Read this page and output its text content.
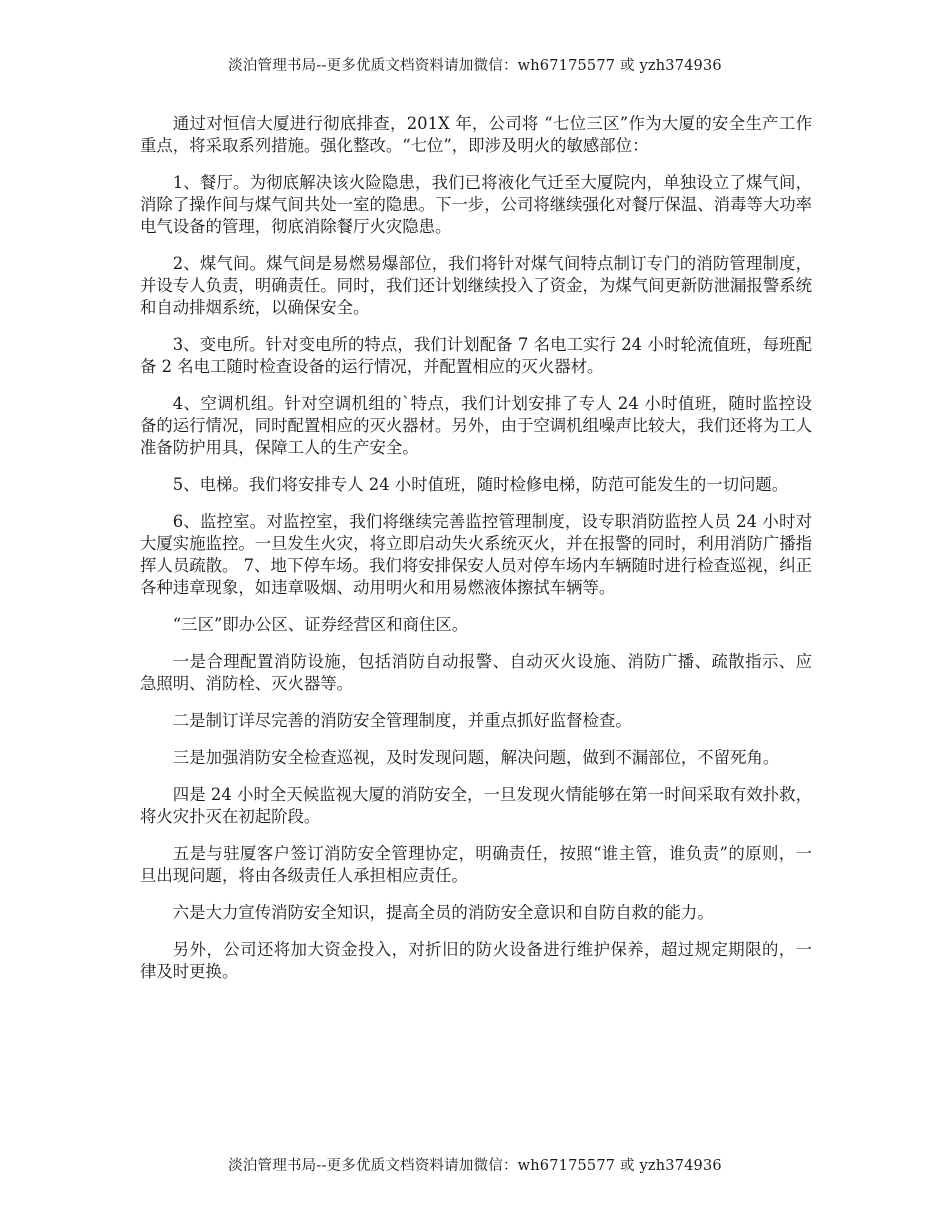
淡泊管理书局--更多优质文档资料请加微信：wh67175577 或 yzh374936

通过对恒信大厦进行彻底排查，201X 年，公司将 “七位三区”作为大厦的安全生产工作重点，将采取系列措施。强化整改。“七位”，即涉及明火的敏感部位：

1、餐厅。为彻底解决该火险隐患，我们已将液化气迁至大厦院内，单独设立了煤气间，消除了操作间与煤气间共处一室的隐患。下一步，公司将继续强化对餐厅保温、消毒等大功率电气设备的管理，彻底消除餐厅火灾隐患。

2、煤气间。煤气间是易燃易爆部位，我们将针对煤气间特点制订专门的消防管理制度，并设专人负责，明确责任。同时，我们还计划继续投入了资金，为煤气间更新防泄漏报警系统和自动排烟系统，以确保安全。

3、变电所。针对变电所的特点，我们计划配备 7 名电工实行 24 小时轮流值班，每班配备 2 名电工随时检查设备的运行情况，并配置相应的灭火器材。

4、空调机组。针对空调机组的`特点，我们计划安排了专人 24 小时值班，随时监控设备的运行情况，同时配置相应的灭火器材。另外，由于空调机组噪声比较大，我们还将为工人准备防护用具，保障工人的生产安全。

5、电梯。我们将安排专人 24 小时值班，随时检修电梯，防范可能发生的一切问题。

6、监控室。对监控室，我们将继续完善监控管理制度，设专职消防监控人员 24 小时对大厦实施监控。一旦发生火灾，将立即启动失火系统灭火，并在报警的同时，利用消防广播指挥人员疏散。 7、地下停车场。我们将安排保安人员对停车场内车辆随时进行检查巡视，纠正各种违章现象，如违章吸烟、动用明火和用易燃液体擦拭车辆等。

“三区”即办公区、证券经营区和商住区。

一是合理配置消防设施，包括消防自动报警、自动灭火设施、消防广播、疏散指示、应急照明、消防栓、灭火器等。

二是制订详尽完善的消防安全管理制度，并重点抓好监督检查。

三是加强消防安全检查巡视，及时发现问题，解决问题，做到不漏部位，不留死角。

四是 24 小时全天候监视大厦的消防安全，一旦发现火情能够在第一时间采取有效扑救，将火灾扑灭在初起阶段。

五是与驻厦客户签订消防安全管理协定，明确责任，按照“谁主管，谁负责”的原则，一旦出现问题，将由各级责任人承担相应责任。

六是大力宣传消防安全知识，提高全员的消防安全意识和自防自救的能力。

另外，公司还将加大资金投入，对折旧的防火设备进行维护保养，超过规定期限的，一律及时更换。

淡泊管理书局--更多优质文档资料请加微信：wh67175577 或 yzh374936
